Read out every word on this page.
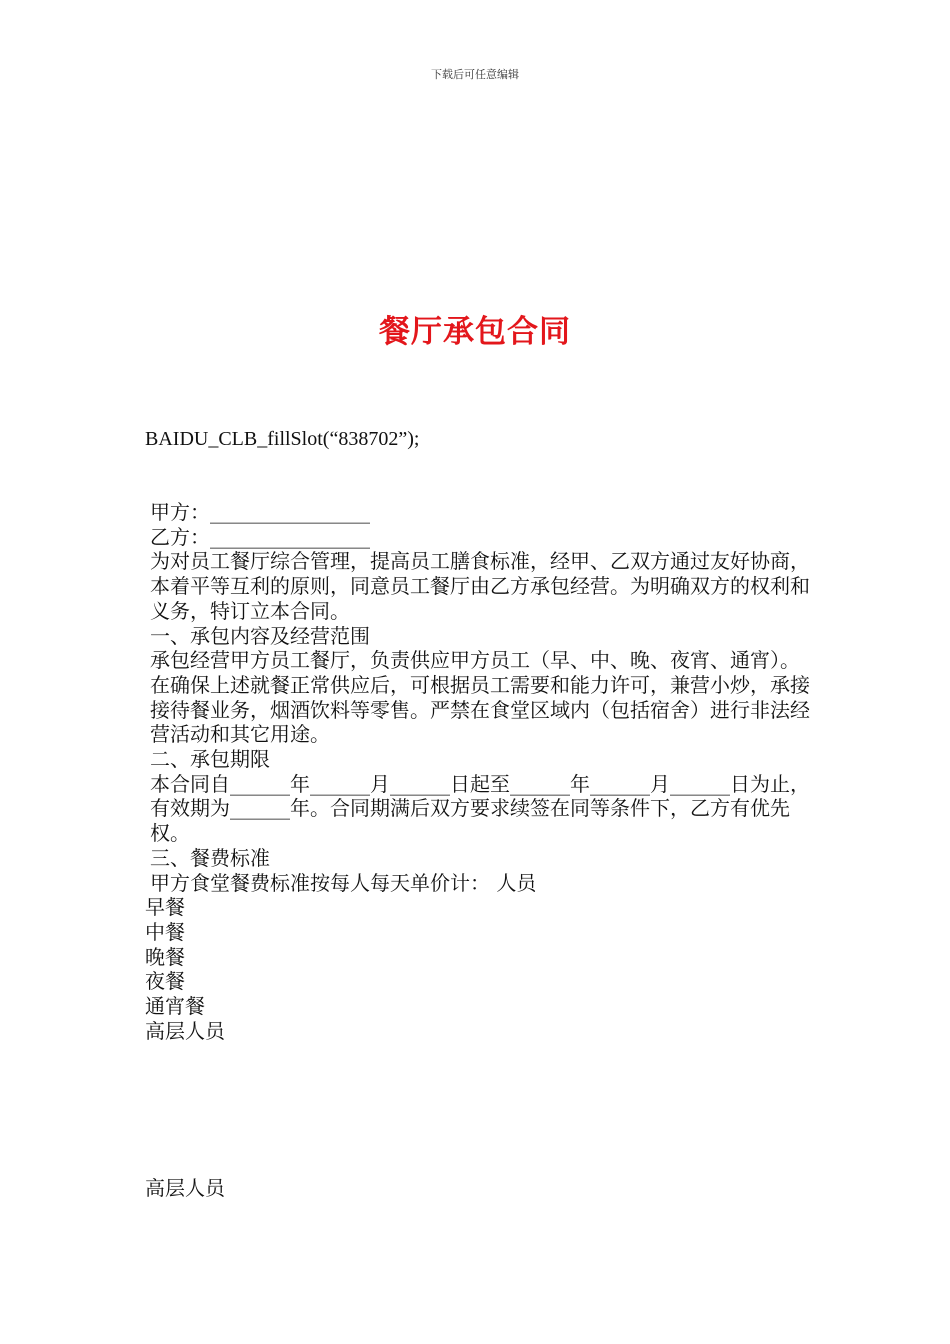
下载后可任意编辑
餐厅承包合同
BAIDU_CLB_fillSlot(“838702”);

甲方：________________

乙方：________________

为对员工餐厅综合管理，提高员工膳食标准，经甲、乙双方通过友好协商，本着平等互利的原则，同意员工餐厅由乙方承包经营。为明确双方的权利和义务，特订立本合同。

一、承包内容及经营范围

承包经营甲方员工餐厅，负责供应甲方员工（早、中、晚、夜宵、通宵）。在确保上述就餐正常供应后，可根据员工需要和能力许可，兼营小炒，承接接待餐业务，烟酒饮料等零售。严禁在食堂区域内（包括宿舍）进行非法经营活动和其它用途。

二、承包期限

本合同自______年______月______日起至______年______月______日为止，有效期为______年。合同期满后双方要求续签在同等条件下，乙方有优先权。

三、餐费标准

甲方食堂餐费标准按每人每天单价计： 人员

早餐

中餐

晚餐

夜餐

通宵餐

高层人员

高层人员
